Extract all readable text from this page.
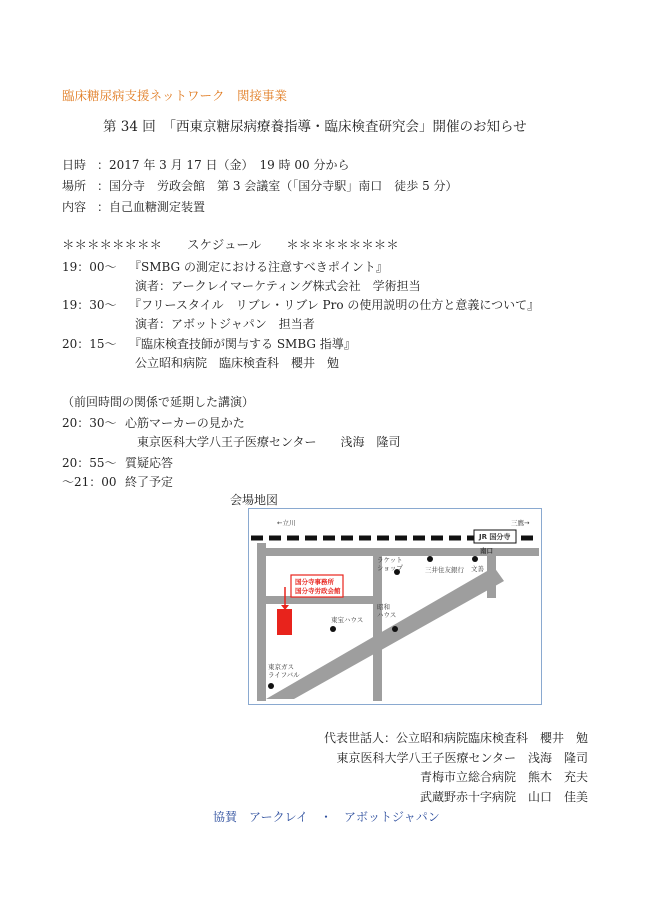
臨床糖尿病支援ネットワーク　関接事業
第 34 回　「西東京糖尿病療養指導・臨床検査研究会」開催のお知らせ
日時 ：2017 年 3 月 17 日（金）　19 時 00 分から
場所 ：国分寺　労政会館　第 3 会議室（「国分寺駅」南口　徒歩 5 分）
内容 ：自己血糖測定装置
＊＊＊＊＊＊＊＊　　スケジュール　　＊＊＊＊＊＊＊＊＊
19：00～ 『SMBG の測定における注意すべきポイント』
演者：アークレイマーケティング株式会社　学術担当
19：30～ 『フリースタイル　リブレ・リブレ Pro の使用説明の仕方と意義について』
演者：アボットジャパン　担当者
20：15～ 『臨床検査技師が関与する SMBG 指導』
公立昭和病院　臨床検査科　櫻井　勉
（前回時間の関係で延期した講演）
20：30～ 心筋マーカーの見かた
東京医科大学八王子医療センター　　浅海　隆司
20：55～ 質疑応答
～21：00 終了予定
会場地図
JR 国分寺
南口
←立川	三鷹→
国分寺事務所
国分寺労政会館
ラケット
ショップ	三井住友銀行 文善
東宝ハウス
昭和
ハウス
東京ガス
ライフバル
代表世話人：公立昭和病院臨床検査科　櫻井　勉
東京医科大学八王子医療センター　浅海　隆司
青梅市立総合病院　熊木　充夫
武蔵野赤十字病院　山口　佳美
協賛　アークレイ　・　アボットジャパン
